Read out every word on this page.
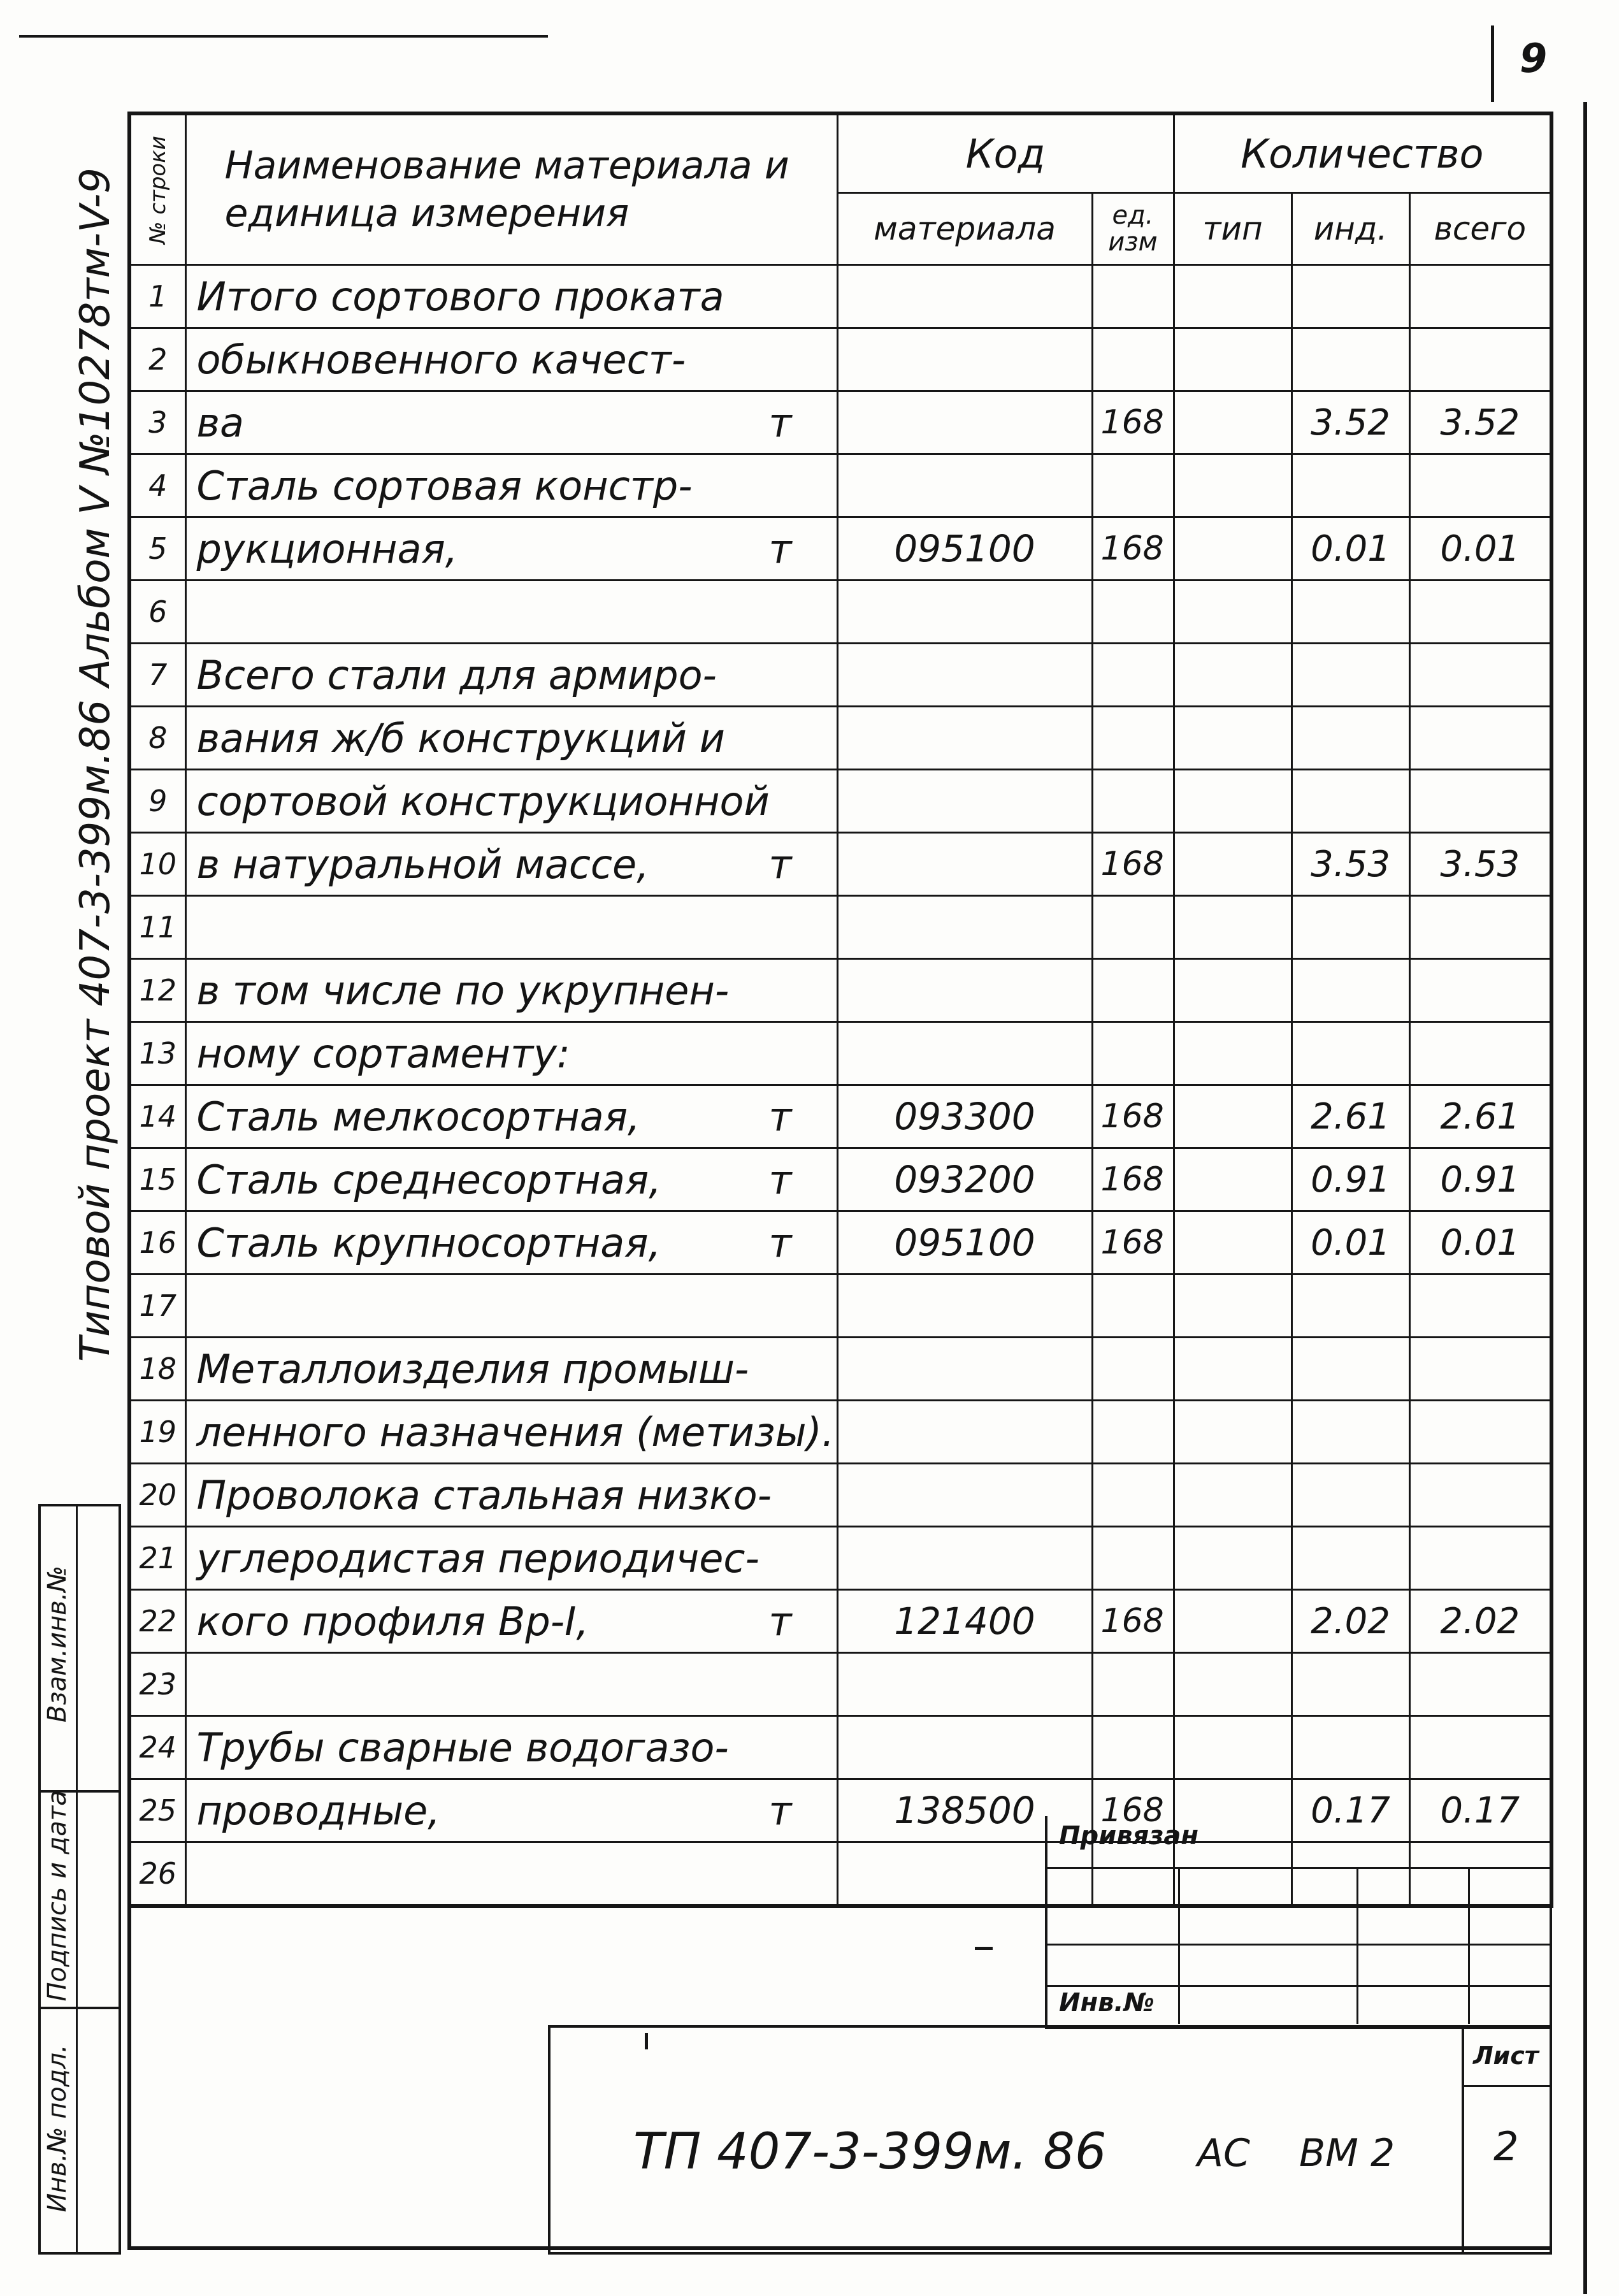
9
Типовой проект 407-3-399м.86 Альбом V №10278тм-V-9
Инв.№ подл.
Подпись и дата
Взам.инв.№
№ строки	Наименование материала и единица измерения	Код		Количество		
		материала	ед. изм	тип	инд.	всего
1	Итого сортового проката					

2	обыкновенного качест-					

3	ва т		168		3.52	3.52
4	Сталь сортовая констр-					

5	рукционная, т	095100	168		0.01	0.01
6	

7	Всего стали для армиро-					

8	вания ж/б конструкций и					

9	сортовой конструкционной					

10	в натуральной массе, т		168		3.53	3.53
11	

12	в том числе по укрупнен-					

13	ному сортаменту:					

14	Сталь мелкосортная, т	093300	168		2.61	2.61
15	Сталь среднесортная, т	093200	168		0.91	0.91
16	Сталь крупносортная, т	095100	168		0.01	0.01
17	

18	Металлоизделия промыш-					

19	ленного назначения (метизы).					

20	Проволока стальная низко-					

21	углеродистая периодичес-					

22	кого профиля Вр-I, т	121400	168		2.02	2.02
23	

24	Трубы сварные водогазо-					

25	проводные, т	138500	168		0.17	0.17
26	

Привязан
Инв.№
ТП 407-3-399м. 86 АС ВМ 2
Лист
2
